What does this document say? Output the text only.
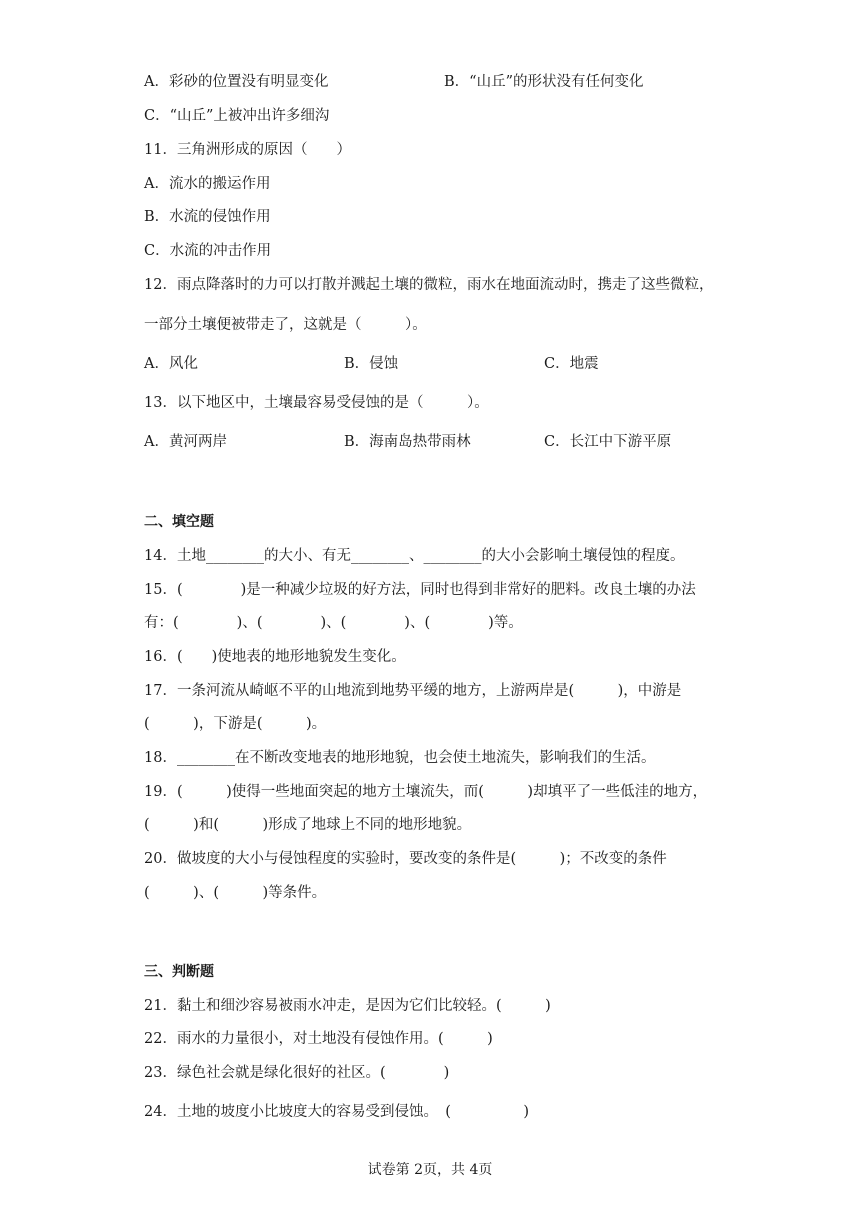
A．彩砂的位置没有明显变化	B．“山丘”的形状没有任何变化
C．“山丘”上被冲出许多细沟
11．三角洲形成的原因（　　）
A．流水的搬运作用
B．水流的侵蚀作用
C．水流的冲击作用
12．雨点降落时的力可以打散并溅起土壤的微粒，雨水在地面流动时，携走了这些微粒，
一部分土壤便被带走了，这就是（　　　）。
A．风化	B．侵蚀	C．地震
13．以下地区中，土壤最容易受侵蚀的是（　　　）。
A．黄河两岸	B．海南岛热带雨林	C．长江中下游平原
二、填空题
14．土地________的大小、有无________、________的大小会影响土壤侵蚀的程度。
15．(　　　　)是一种减少垃圾的好方法，同时也得到非常好的肥料。改良土壤的办法
有：(　　　　)、(　　　　)、(　　　　)、(　　　　)等。
16．(　　)使地表的地形地貌发生变化。
17．一条河流从崎岖不平的山地流到地势平缓的地方，上游两岸是(　　　)，中游是
(　　　)，下游是(　　　)。
18．________在不断改变地表的地形地貌，也会使土地流失，影响我们的生活。
19．(　　　)使得一些地面突起的地方土壤流失，而(　　　)却填平了一些低洼的地方，
(　　　)和(　　　)形成了地球上不同的地形地貌。
20．做坡度的大小与侵蚀程度的实验时，要改变的条件是(　　　)；不改变的条件
(　　　)、(　　　)等条件。
三、判断题
21．黏土和细沙容易被雨水冲走，是因为它们比较轻。(　　　)
22．雨水的力量很小，对土地没有侵蚀作用。(　　　)
23．绿色社会就是绿化很好的社区。(　　　　)
24．土地的坡度小比坡度大的容易受到侵蚀。　(　　　　　)
试卷第 2页，共 4页
